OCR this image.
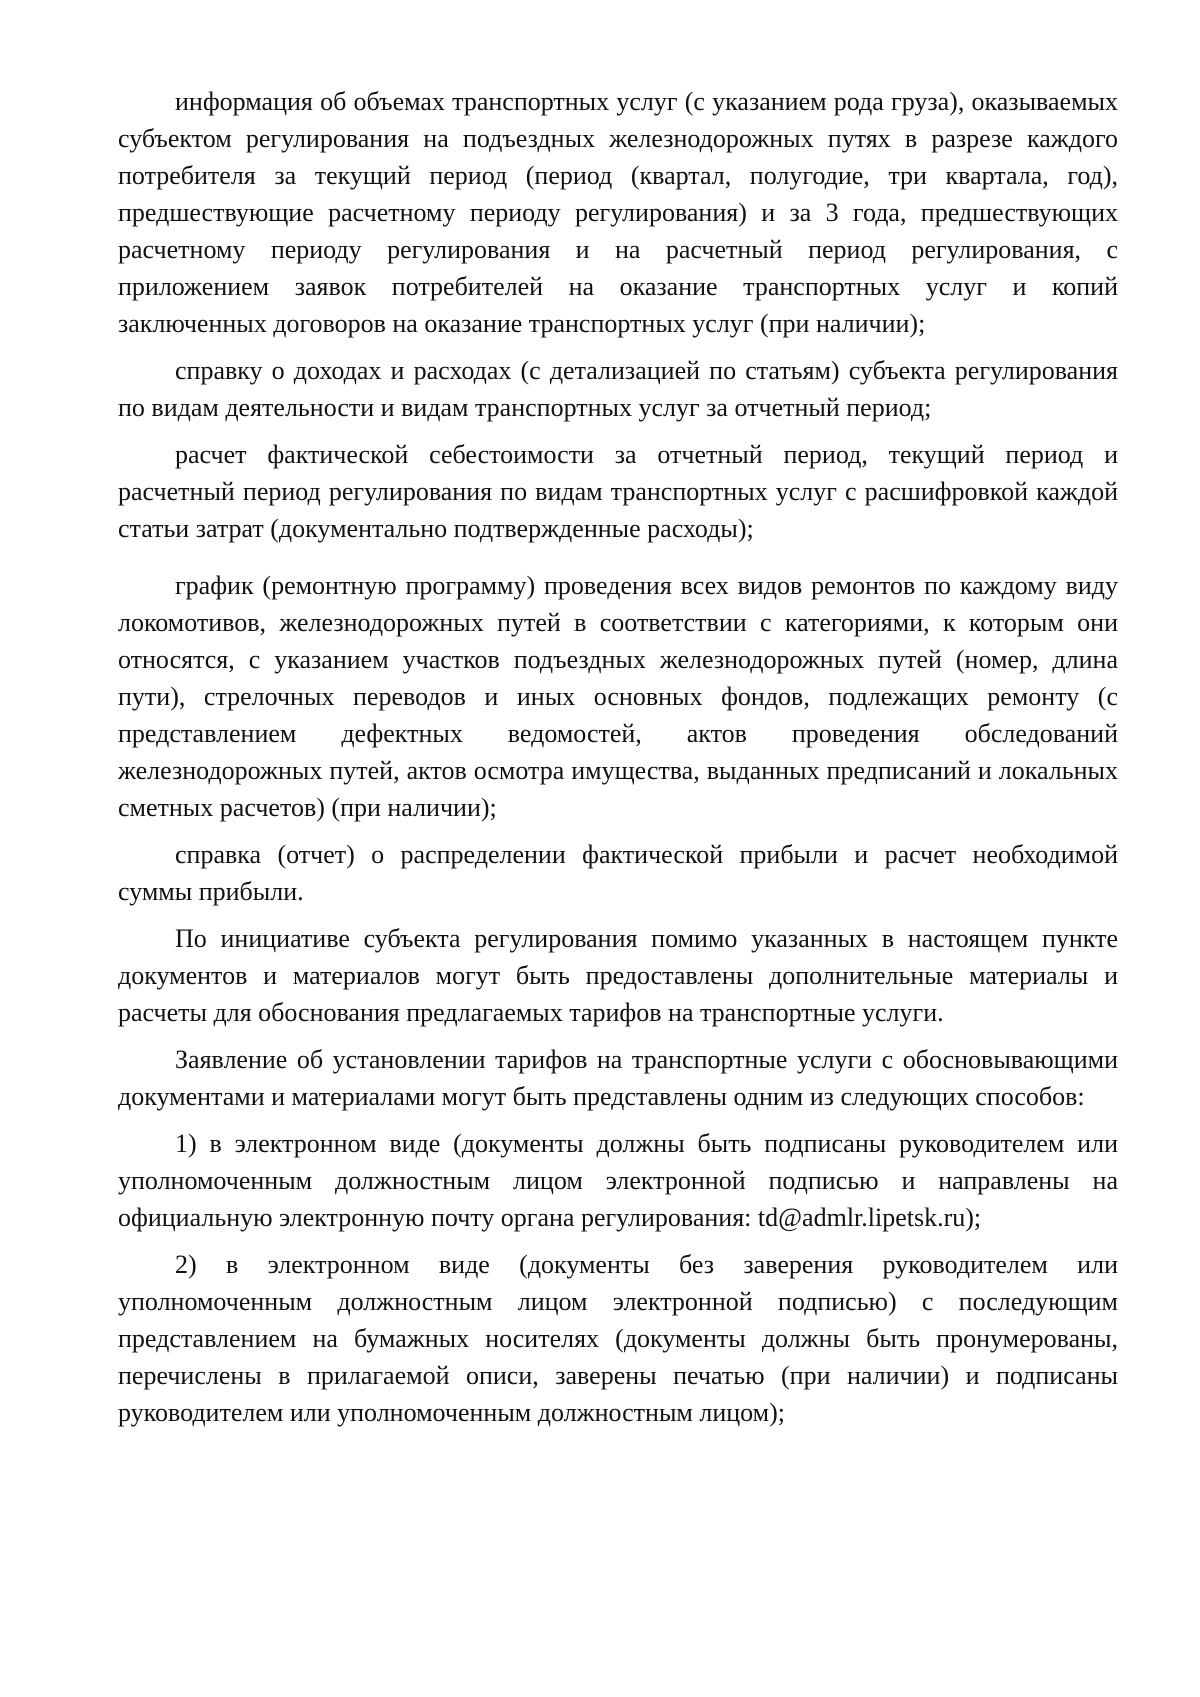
информация об объемах транспортных услуг (с указанием рода груза), оказываемых субъектом регулирования на подъездных железнодорожных путях в разрезе каждого потребителя за текущий период (период (квартал, полугодие, три квартала, год), предшествующие расчетному периоду регулирования) и за 3 года, предшествующих расчетному периоду регулирования и на расчетный период регулирования, с приложением заявок потребителей на оказание транспортных услуг и копий заключенных договоров на оказание транспортных услуг (при наличии);

справку о доходах и расходах (с детализацией по статьям) субъекта регулирования по видам деятельности и видам транспортных услуг за отчетный период;

расчет фактической себестоимости за отчетный период, текущий период и расчетный период регулирования по видам транспортных услуг с расшифровкой каждой статьи затрат (документально подтвержденные расходы);

график (ремонтную программу) проведения всех видов ремонтов по каждому виду локомотивов, железнодорожных путей в соответствии с категориями, к которым они относятся, с указанием участков подъездных железнодорожных путей (номер, длина пути), стрелочных переводов и иных основных фондов, подлежащих ремонту (с представлением дефектных ведомостей, актов проведения обследований железнодорожных путей, актов осмотра имущества, выданных предписаний и локальных сметных расчетов) (при наличии);

справка (отчет) о распределении фактической прибыли и расчет необходимой суммы прибыли.

По инициативе субъекта регулирования помимо указанных в настоящем пункте документов и материалов могут быть предоставлены дополнительные материалы и расчеты для обоснования предлагаемых тарифов на транспортные услуги.

Заявление об установлении тарифов на транспортные услуги с обосновывающими документами и материалами могут быть представлены одним из следующих способов:

1) в электронном виде (документы должны быть подписаны руководителем или уполномоченным должностным лицом электронной подписью и направлены на официальную электронную почту органа регулирования: td@admlr.lipetsk.ru);

2) в электронном виде (документы без заверения руководителем или уполномоченным должностным лицом электронной подписью) с последующим представлением на бумажных носителях (документы должны быть пронумерованы, перечислены в прилагаемой описи, заверены печатью (при наличии) и подписаны руководителем или уполномоченным должностным лицом);
